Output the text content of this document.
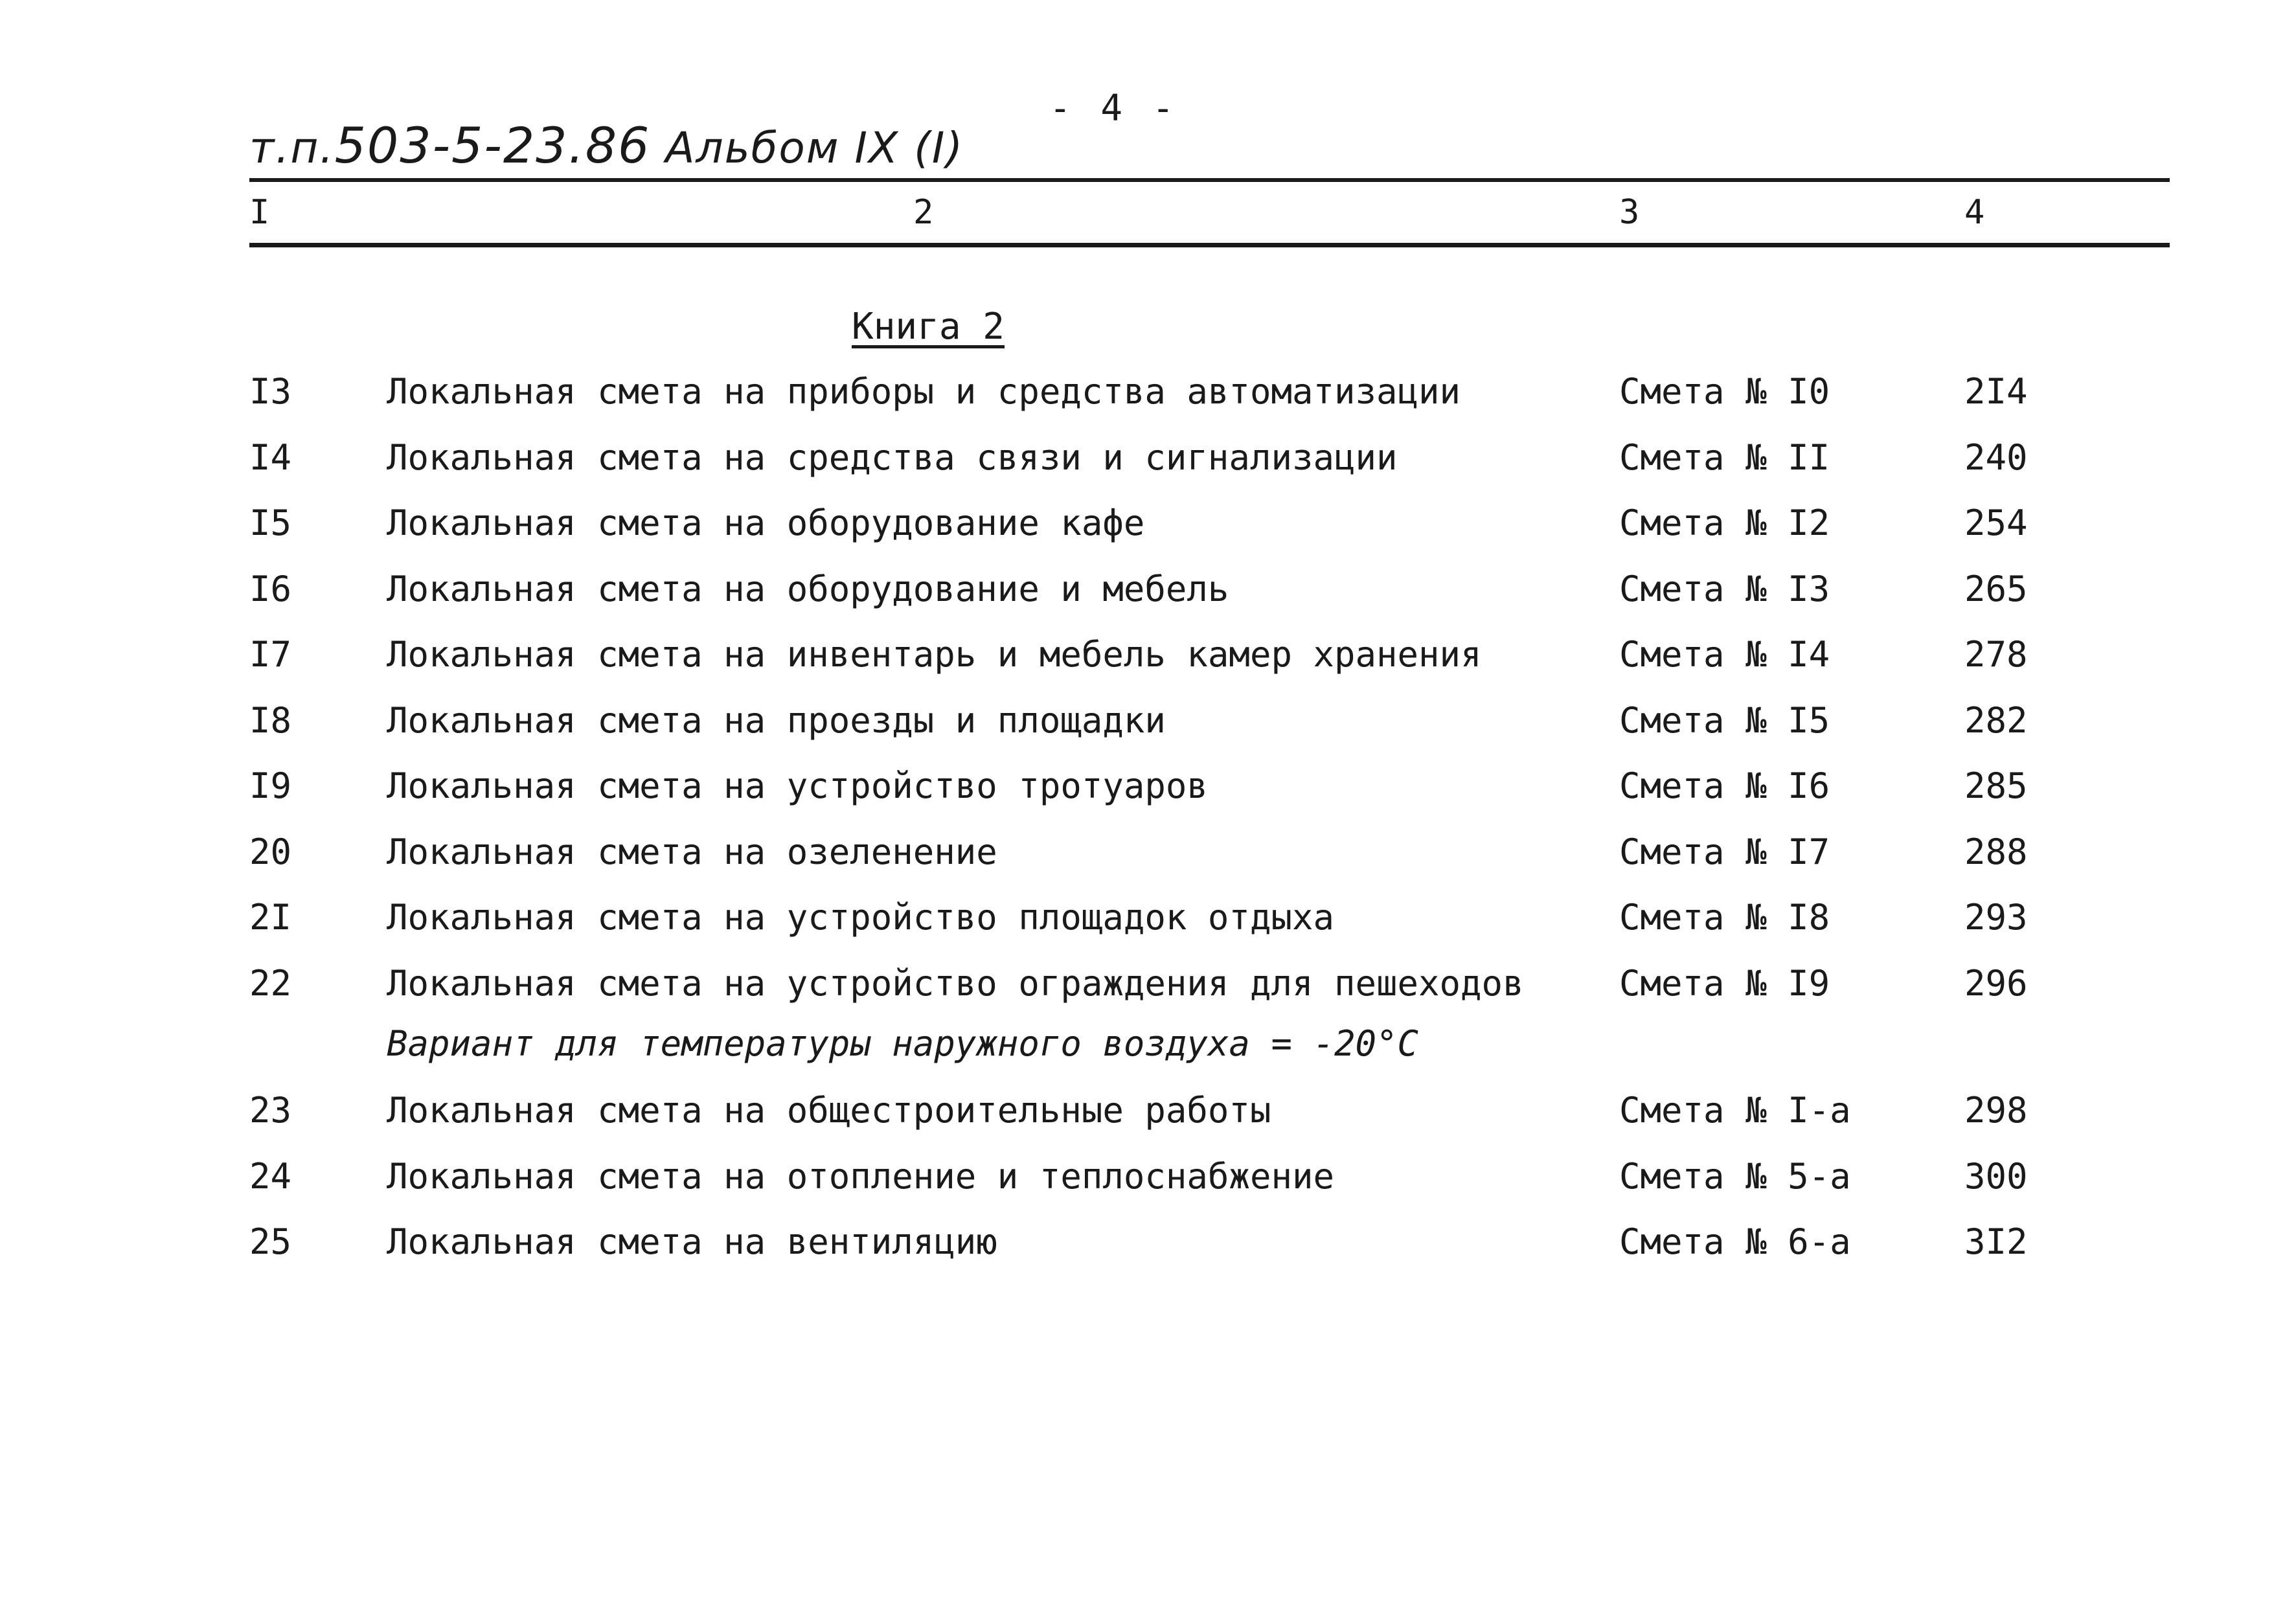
- 4 -
т.п.503-5-23.86 Альбом IX (I)
I	2	3	4
Книга 2
I3	Локальная смета на приборы и средства автоматизации	Смета № I0	2I4
I4	Локальная смета на средства связи и сигнализации	Смета № II	240
I5	Локальная смета на оборудование кафе	Смета № I2	254
I6	Локальная смета на оборудование и мебель	Смета № I3	265
I7	Локальная смета на инвентарь и мебель камер хранения	Смета № I4	278
I8	Локальная смета на проезды и площадки	Смета № I5	282
I9	Локальная смета на устройство тротуаров	Смета № I6	285
20	Локальная смета на озеленение	Смета № I7	288
2I	Локальная смета на устройство площадок отдыха	Смета № I8	293
22	Локальная смета на устройство ограждения для пешеходов	Смета № I9	296
Вариант для температуры наружного воздуха = -20°С
23	Локальная смета на общестроительные работы	Смета № I-а	298
24	Локальная смета на отопление и теплоснабжение	Смета № 5-а	300
25	Локальная смета на вентиляцию	Смета № 6-а	3I2
